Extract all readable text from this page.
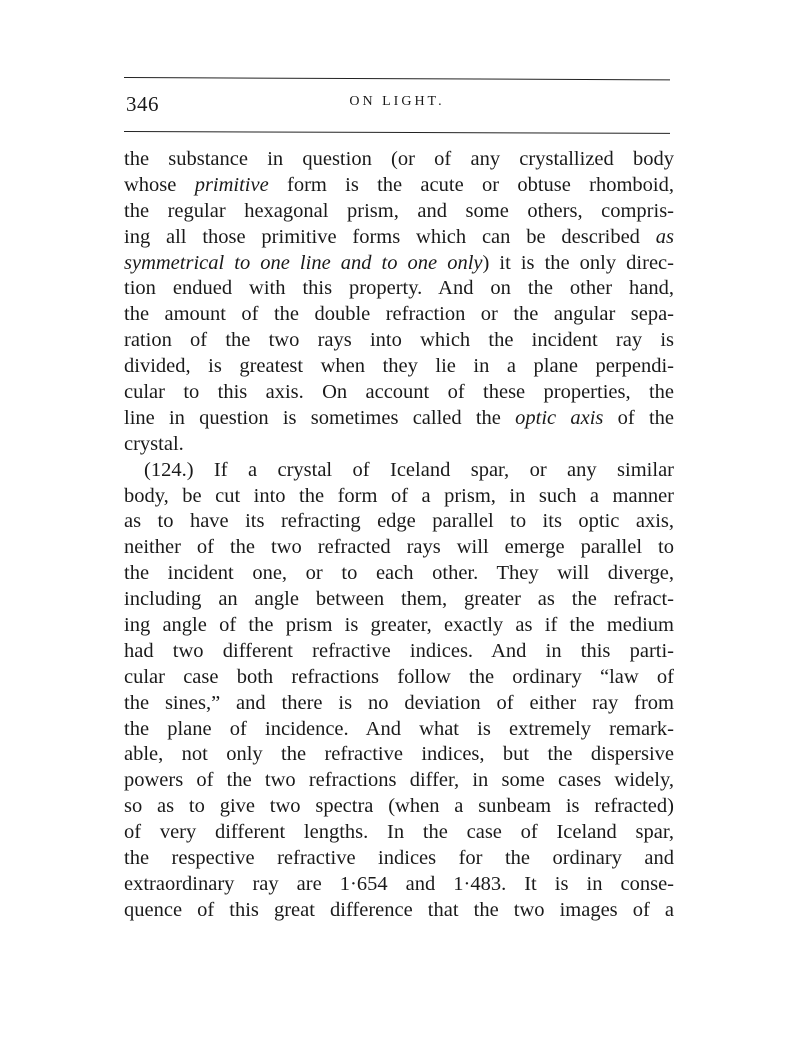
346	ON LIGHT.
the substance in question (or of any crystallized body
whose primitive form is the acute or obtuse rhomboid,
the regular hexagonal prism, and some others, compris-
ing all those primitive forms which can be described as
symmetrical to one line and to one only) it is the only direc-
tion endued with this property. And on the other hand,
the amount of the double refraction or the angular sepa-
ration of the two rays into which the incident ray is
divided, is greatest when they lie in a plane perpendi-
cular to this axis. On account of these properties, the
line in question is sometimes called the optic axis of the
crystal.
(124.) If a crystal of Iceland spar, or any similar
body, be cut into the form of a prism, in such a manner
as to have its refracting edge parallel to its optic axis,
neither of the two refracted rays will emerge parallel to
the incident one, or to each other. They will diverge,
including an angle between them, greater as the refract-
ing angle of the prism is greater, exactly as if the medium
had two different refractive indices. And in this parti-
cular case both refractions follow the ordinary “law of
the sines,” and there is no deviation of either ray from
the plane of incidence. And what is extremely remark-
able, not only the refractive indices, but the dispersive
powers of the two refractions differ, in some cases widely,
so as to give two spectra (when a sunbeam is refracted)
of very different lengths. In the case of Iceland spar,
the respective refractive indices for the ordinary and
extraordinary ray are 1·654 and 1·483. It is in conse-
quence of this great difference that the two images of a
